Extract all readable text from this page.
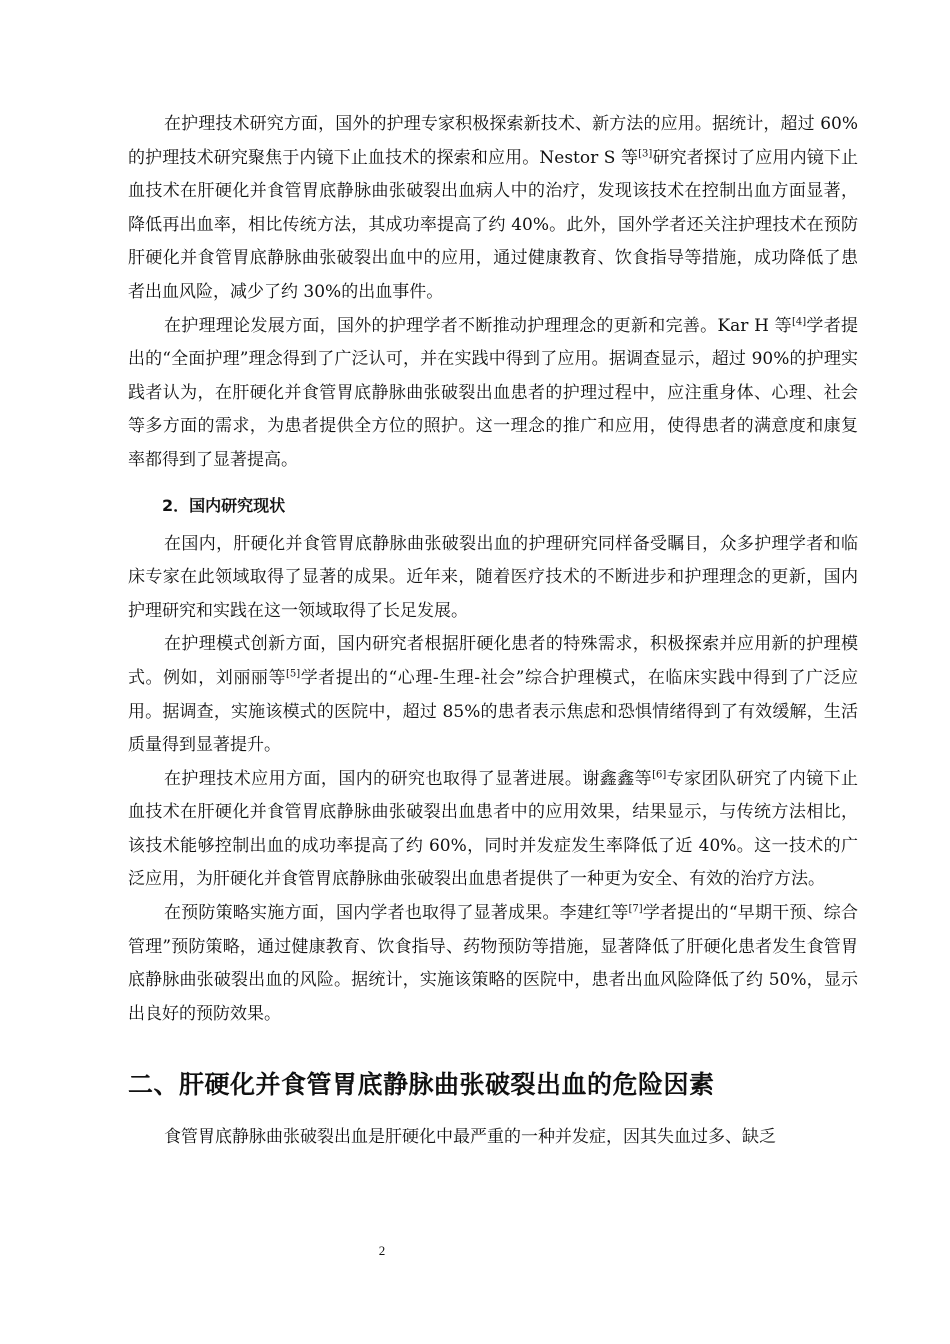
在护理技术研究方面，国外的护理专家积极探索新技术、新方法的应用。据统计，超过 60%的护理技术研究聚焦于内镜下止血技术的探索和应用。Nestor S 等[3]研究者探讨了应用内镜下止血技术在肝硬化并食管胃底静脉曲张破裂出血病人中的治疗，发现该技术在控制出血方面显著，降低再出血率，相比传统方法，其成功率提高了约 40%。此外，国外学者还关注护理技术在预防肝硬化并食管胃底静脉曲张破裂出血中的应用，通过健康教育、饮食指导等措施，成功降低了患者出血风险，减少了约 30%的出血事件。

在护理理论发展方面，国外的护理学者不断推动护理理念的更新和完善。Kar H 等[4]学者提出的“全面护理”理念得到了广泛认可，并在实践中得到了应用。据调查显示，超过 90%的护理实践者认为，在肝硬化并食管胃底静脉曲张破裂出血患者的护理过程中，应注重身体、心理、社会等多方面的需求，为患者提供全方位的照护。这一理念的推广和应用，使得患者的满意度和康复率都得到了显著提高。

2．国内研究现状

在国内，肝硬化并食管胃底静脉曲张破裂出血的护理研究同样备受瞩目，众多护理学者和临床专家在此领域取得了显著的成果。近年来，随着医疗技术的不断进步和护理理念的更新，国内护理研究和实践在这一领域取得了长足发展。

在护理模式创新方面，国内研究者根据肝硬化患者的特殊需求，积极探索并应用新的护理模式。例如，刘丽丽等[5]学者提出的“心理-生理-社会”综合护理模式，在临床实践中得到了广泛应用。据调查，实施该模式的医院中，超过 85%的患者表示焦虑和恐惧情绪得到了有效缓解，生活质量得到显著提升。

在护理技术应用方面，国内的研究也取得了显著进展。谢鑫鑫等[6]专家团队研究了内镜下止血技术在肝硬化并食管胃底静脉曲张破裂出血患者中的应用效果，结果显示，与传统方法相比，该技术能够控制出血的成功率提高了约 60%，同时并发症发生率降低了近 40%。这一技术的广泛应用，为肝硬化并食管胃底静脉曲张破裂出血患者提供了一种更为安全、有效的治疗方法。

在预防策略实施方面，国内学者也取得了显著成果。李建红等[7]学者提出的“早期干预、综合管理”预防策略，通过健康教育、饮食指导、药物预防等措施，显著降低了肝硬化患者发生食管胃底静脉曲张破裂出血的风险。据统计，实施该策略的医院中，患者出血风险降低了约 50%，显示出良好的预防效果。

二、肝硬化并食管胃底静脉曲张破裂出血的危险因素

食管胃底静脉曲张破裂出血是肝硬化中最严重的一种并发症，因其失血过多、缺乏

2
